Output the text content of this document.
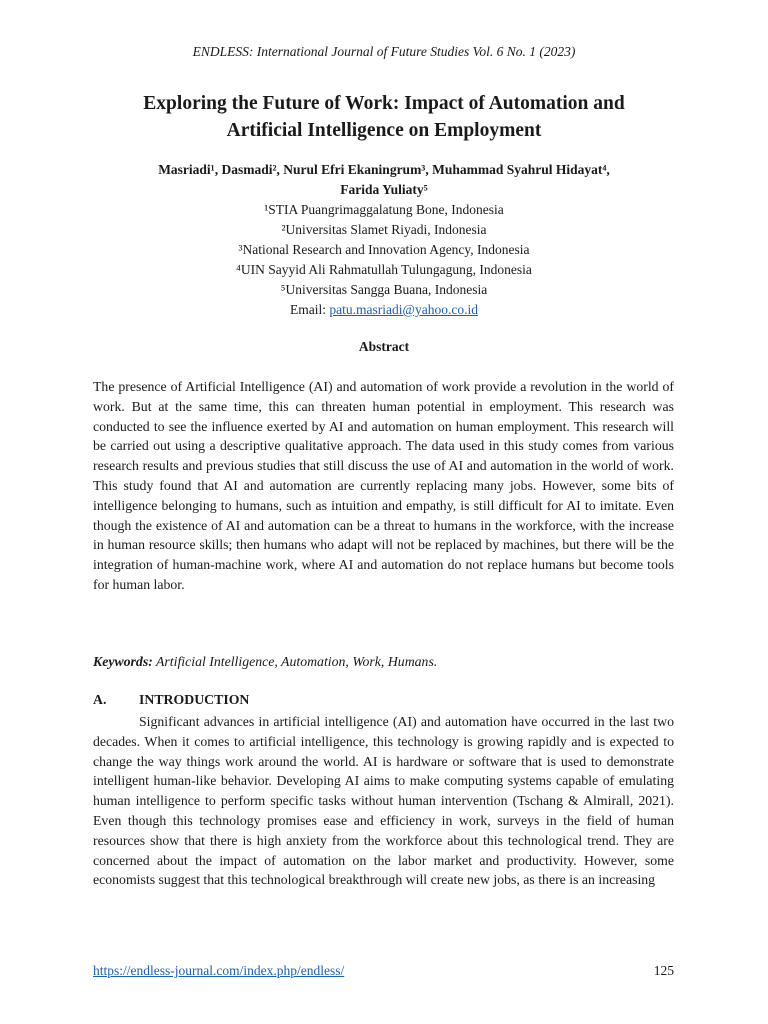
ENDLESS: International Journal of Future Studies Vol. 6 No. 1 (2023)
Exploring the Future of Work: Impact of Automation and
Artificial Intelligence on Employment
Masriadi¹, Dasmadi², Nurul Efri Ekaningrum³, Muhammad Syahrul Hidayat⁴,
Farida Yuliaty⁵
¹STIA Puangrimaggalatung Bone, Indonesia
²Universitas Slamet Riyadi, Indonesia
³National Research and Innovation Agency, Indonesia
⁴UIN Sayyid Ali Rahmatullah Tulungagung, Indonesia
⁵Universitas Sangga Buana, Indonesia
Email: patu.masriadi@yahoo.co.id
Abstract
The presence of Artificial Intelligence (AI) and automation of work provide a revolution in the world of work. But at the same time, this can threaten human potential in employment. This research was conducted to see the influence exerted by AI and automation on human employment. This research will be carried out using a descriptive qualitative approach. The data used in this study comes from various research results and previous studies that still discuss the use of AI and automation in the world of work. This study found that AI and automation are currently replacing many jobs. However, some bits of intelligence belonging to humans, such as intuition and empathy, is still difficult for AI to imitate. Even though the existence of AI and automation can be a threat to humans in the workforce, with the increase in human resource skills; then humans who adapt will not be replaced by machines, but there will be the integration of human-machine work, where AI and automation do not replace humans but become tools for human labor.
Keywords: Artificial Intelligence, Automation, Work, Humans.
A. INTRODUCTION
Significant advances in artificial intelligence (AI) and automation have occurred in the last two decades. When it comes to artificial intelligence, this technology is growing rapidly and is expected to change the way things work around the world. AI is hardware or software that is used to demonstrate intelligent human-like behavior. Developing AI aims to make computing systems capable of emulating human intelligence to perform specific tasks without human intervention (Tschang & Almirall, 2021). Even though this technology promises ease and efficiency in work, surveys in the field of human resources show that there is high anxiety from the workforce about this technological trend. They are concerned about the impact of automation on the labor market and productivity. However, some economists suggest that this technological breakthrough will create new jobs, as there is an increasing
https://endless-journal.com/index.php/endless/	125
